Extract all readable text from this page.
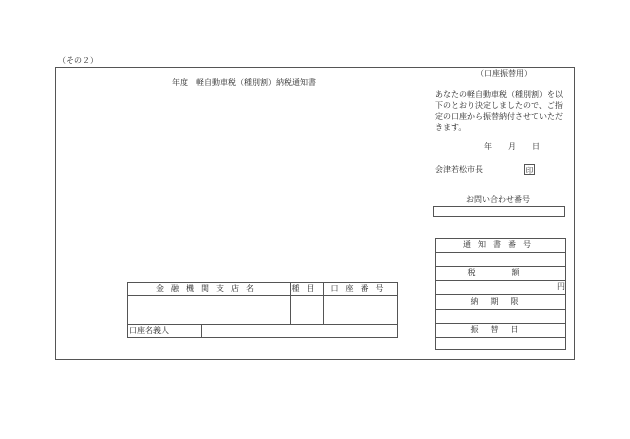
（その２）
年度　軽自動車税（種別割）納税通知書
（口座振替用）
あなたの軽自動車税（種別割）を以下のとおり決定しましたので、ご指定の口座から振替納付させていただきます。
年　　月　　日
会津若松市長	印
お問い合わせ番号
金融機関支店名	種目	口座番号
口座名義人
通知書番号
税　額
円
納期限
振替日
